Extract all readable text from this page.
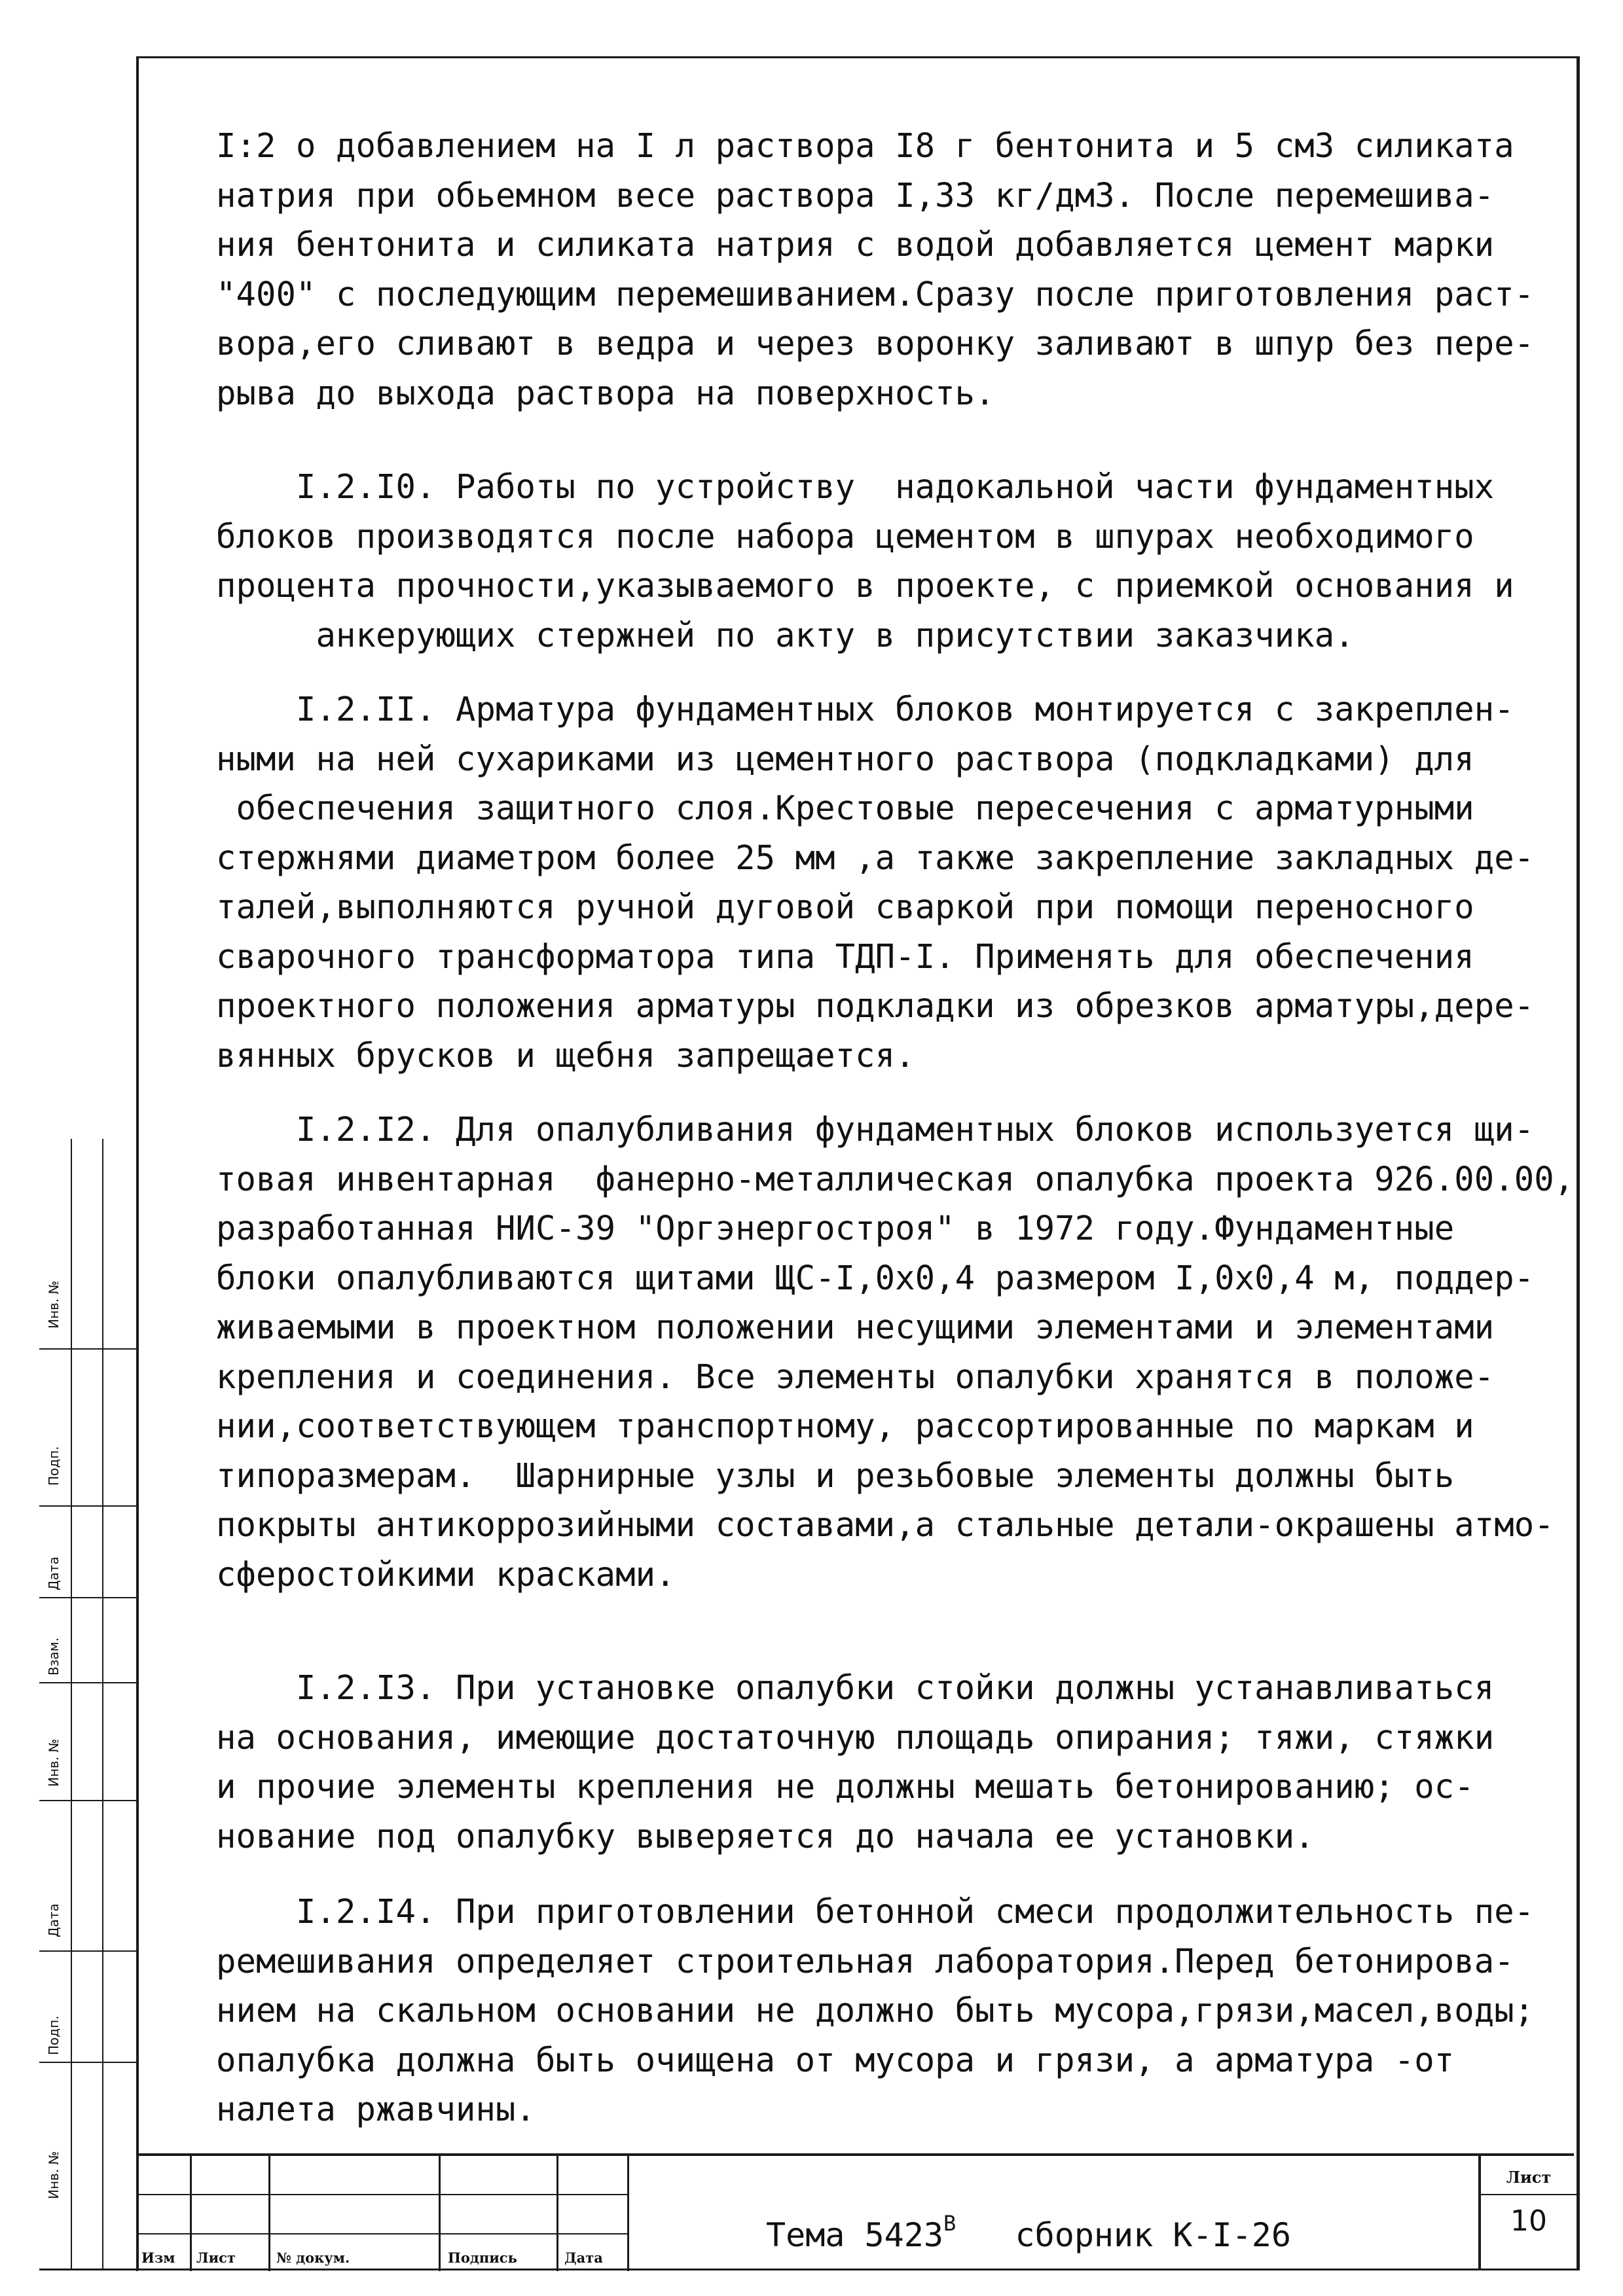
I:2 о добавлением на I л раствора I8 г бентонита и 5 см3 силиката
натрия при обьемном весе раствора I,33 кг/дм3. После перемешива-
ния бентонита и силиката натрия с водой добавляется цемент марки
"400" с последующим перемешиванием.Сразу после приготовления раст-
вора,его сливают в ведра и через воронку заливают в шпур без пере-
рыва до выхода раствора на поверхность.
I.2.I0. Работы по устройству  надокальной части фундаментных
блоков производятся после набора цементом в шпурах необходимого
процента прочности,указываемого в проекте, с приемкой основания и
анкерующих стержней по акту в присутствии заказчика.
I.2.II. Арматура фундаментных блоков монтируется с закреплен-
ными на ней сухариками из цементного раствора (подкладками) для
обеспечения защитного слоя.Крестовые пересечения с арматурными
стержнями диаметром более 25 мм ,а также закрепление закладных де-
талей,выполняются ручной дуговой сваркой при помощи переносного
сварочного трансформатора типа ТДП-I. Применять для обеспечения
проектного положения арматуры подкладки из обрезков арматуры,дере-
вянных брусков и щебня запрещается.
I.2.I2. Для опалубливания фундаментных блоков используется щи-
товая инвентарная  фанерно-металлическая опалубка проекта 926.00.00,
разработанная НИС-39 "Оргэнергостроя" в 1972 году.Фундаментные
блоки опалубливаются щитами ЩС-I,0х0,4 размером I,0х0,4 м, поддер-
живаемыми в проектном положении несущими элементами и элементами
крепления и соединения. Все элементы опалубки хранятся в положе-
нии,соответствующем транспортному, рассортированные по маркам и
типоразмерам.  Шарнирные узлы и резьбовые элементы должны быть
покрыты антикоррозийными составами,а стальные детали-окрашены атмо-
сферостойкими красками.
I.2.I3. При установке опалубки стойки должны устанавливаться
на основания, имеющие достаточную площадь опирания; тяжи, стяжки
и прочие элементы крепления не должны мешать бетонированию; ос-
нование под опалубку выверяется до начала ее установки.
I.2.I4. При приготовлении бетонной смеси продолжительность пе-
ремешивания определяет строительная лаборатория.Перед бетонирова-
нием на скальном основании не должно быть мусора,грязи,масел,воды;
опалубка должна быть очищена от мусора и грязи, а арматура -от
налета ржавчины.
Инв. №
Подп.
Дата
Взам.
Инв. №
Дата
Подп.
Инв. №
Изм Лист	№ докум.	Подпись	Дата
Тема $5423^В$ сборник К-I-26
Лист
10
